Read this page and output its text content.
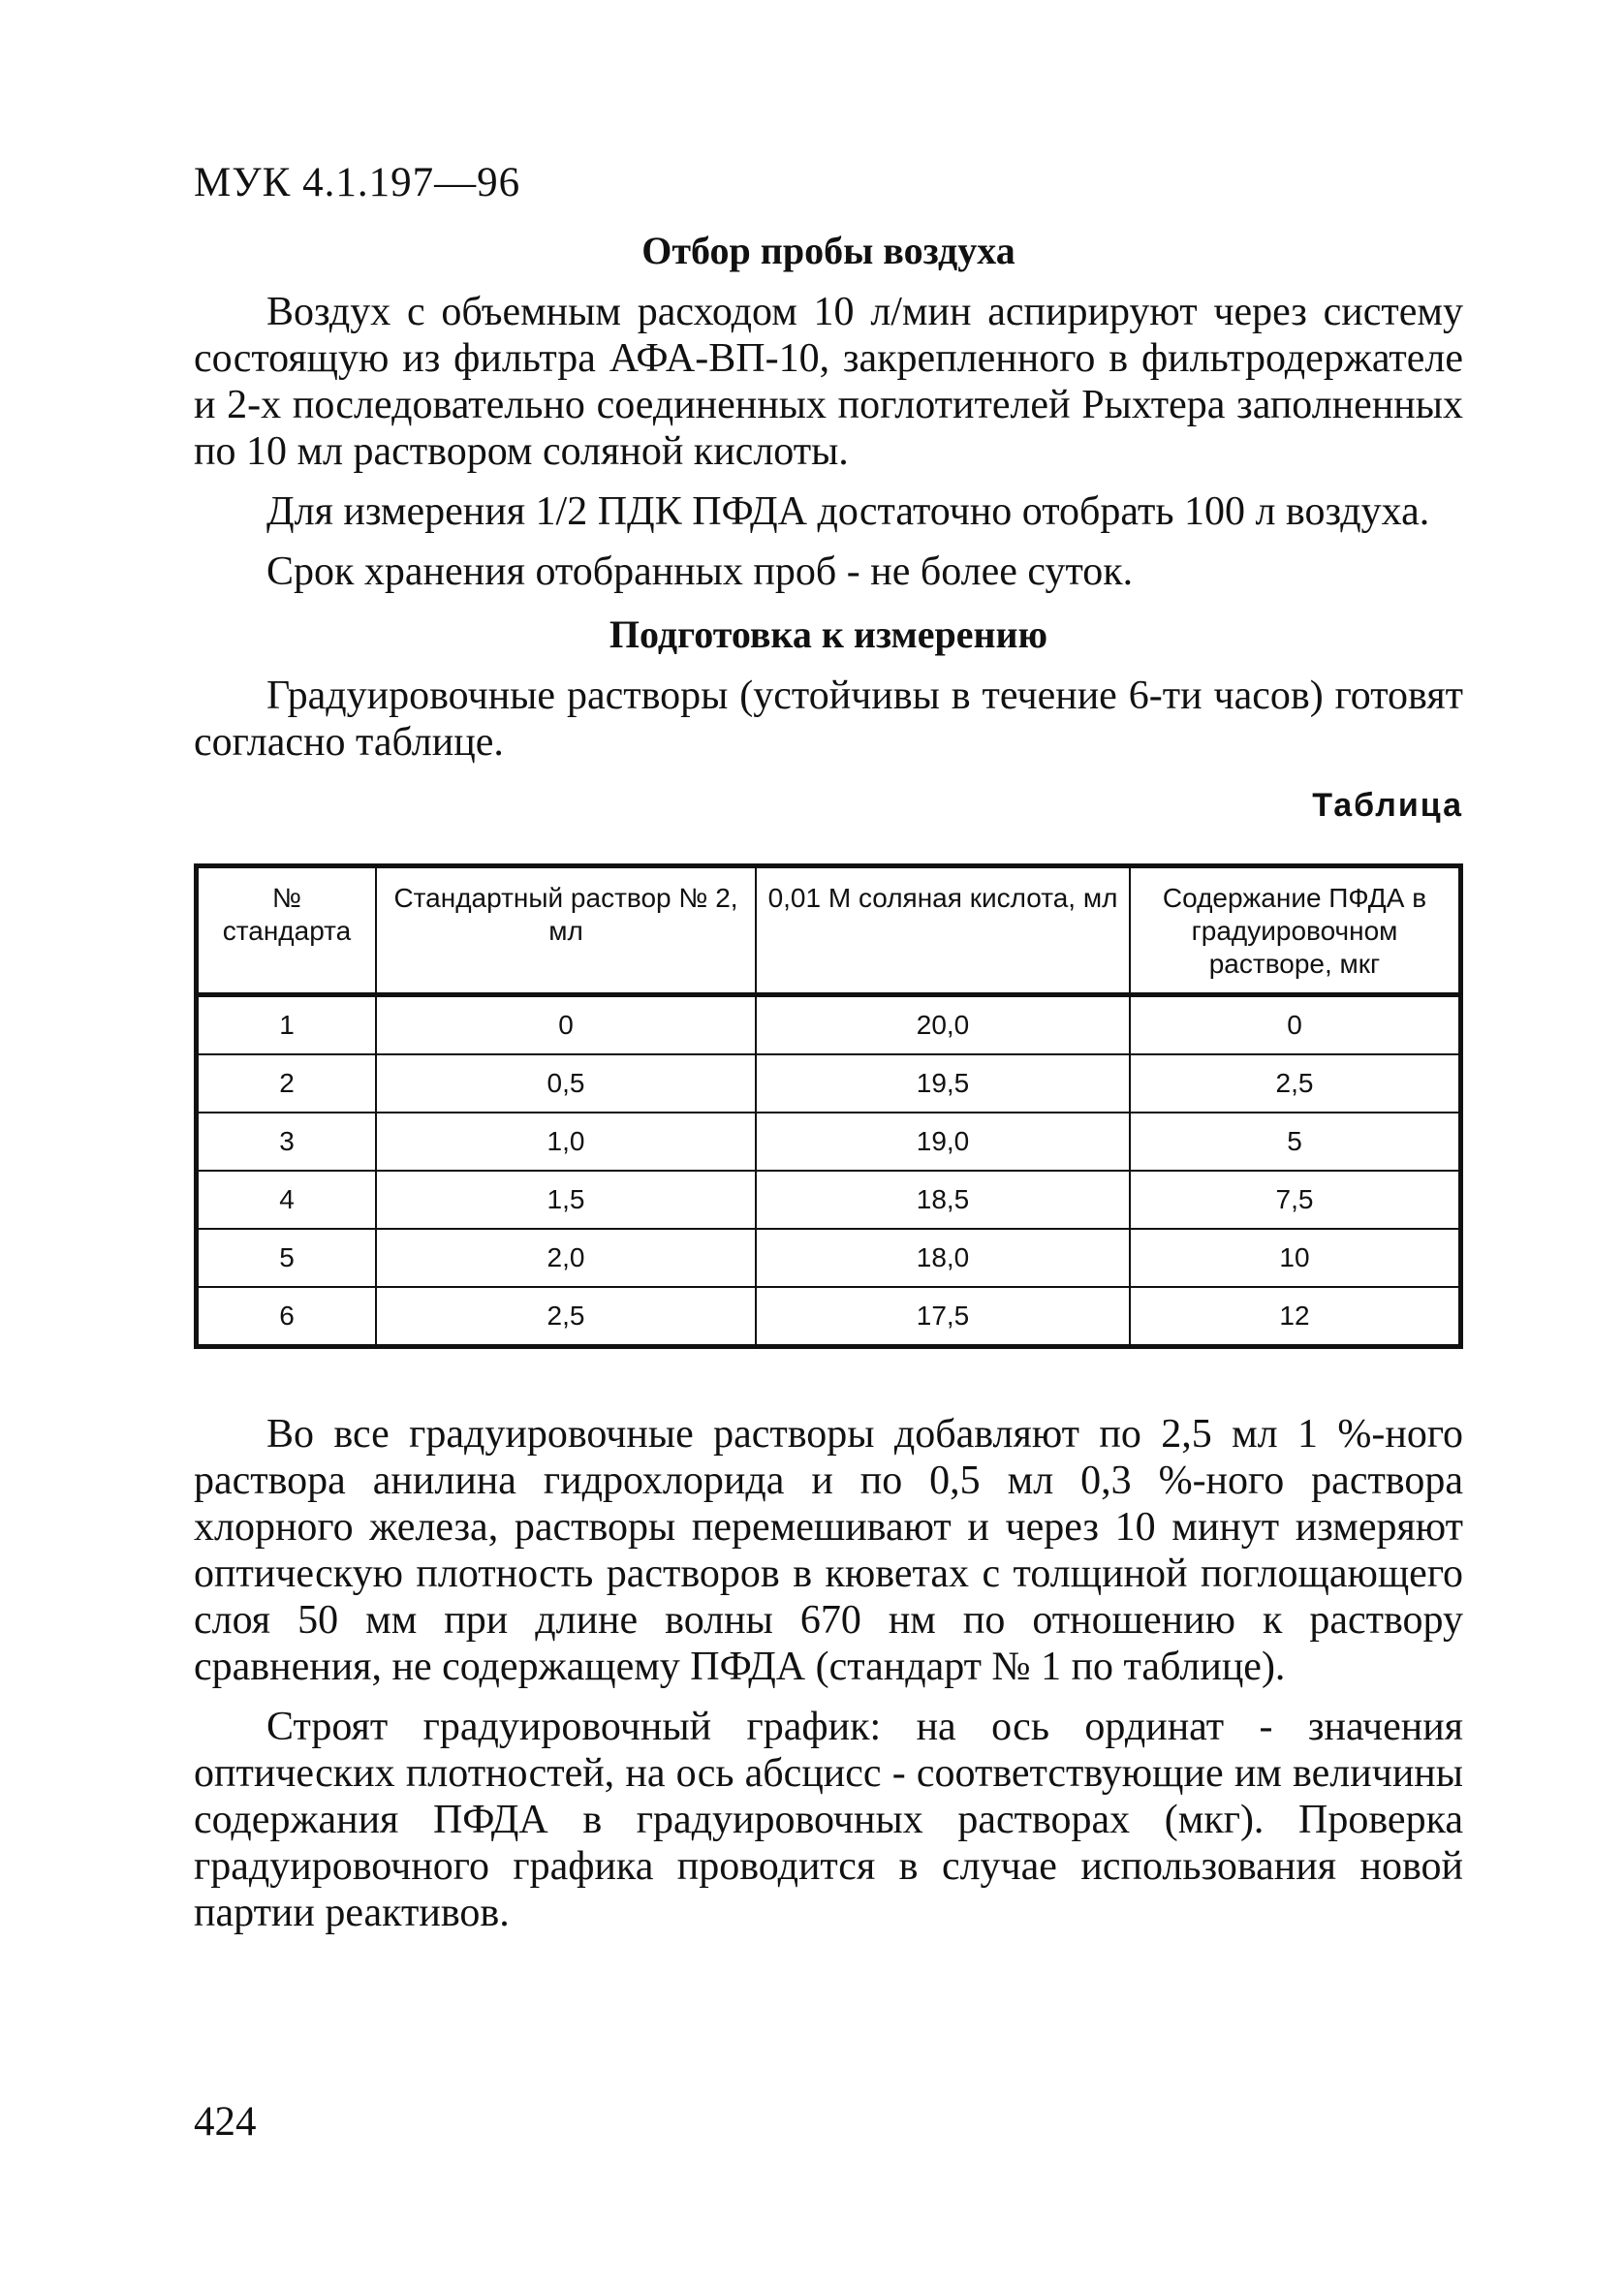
МУК 4.1.197—96
Отбор пробы воздуха

Воздух с объемным расходом 10 л/мин аспирируют через систему состоящую из фильтра АФА-ВП-10, закрепленного в фильтродержателе и 2-х последовательно соединенных поглотителей Рыхтера заполненных по 10 мл раствором соляной кислоты.

Для измерения 1/2 ПДК ПФДА достаточно отобрать 100 л воздуха.

Срок хранения отобранных проб - не более суток.

Подготовка к измерению

Градуировочные растворы (устойчивы в течение 6-ти часов) готовят согласно таблице.

Таблица
№ стандарта	Стандартный раствор № 2, мл	0,01 М соляная кислота, мл	Содержание ПФДА в градуировочном растворе, мкг
1	0	20,0	0
2	0,5	19,5	2,5
3	1,0	19,0	5
4	1,5	18,5	7,5
5	2,0	18,0	10
6	2,5	17,5	12

Во все градуировочные растворы добавляют по 2,5 мл 1 %-ного раствора анилина гидрохлорида и по 0,5 мл 0,3 %-ного раствора хлорного железа, растворы перемешивают и через 10 минут измеряют оптическую плотность растворов в кюветах с толщиной поглощающего слоя 50 мм при длине волны 670 нм по отношению к раствору сравнения, не содержащему ПФДА (стандарт № 1 по таблице).

Строят градуировочный график: на ось ординат - значения оптических плотностей, на ось абсцисс - соответствующие им величины содержания ПФДА в градуировочных растворах (мкг). Проверка градуировочного графика проводится в случае использования новой партии реактивов.

424
